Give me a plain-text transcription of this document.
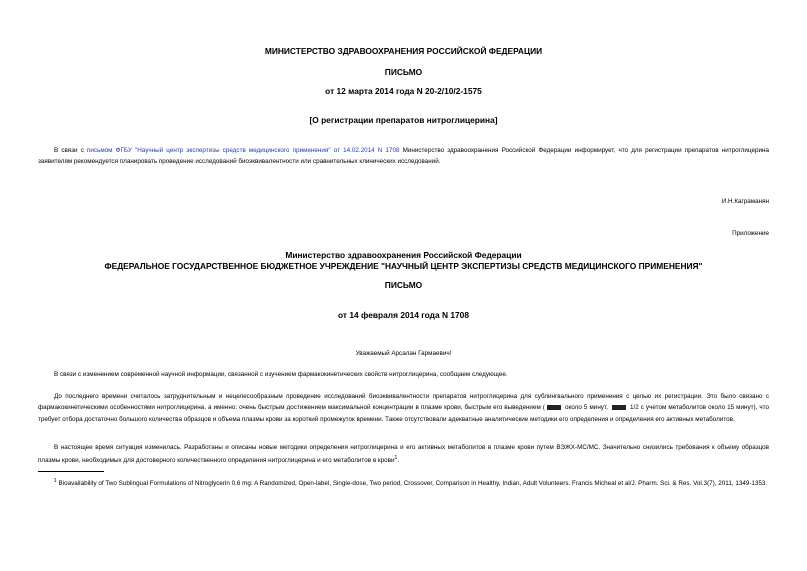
МИНИСТЕРСТВО ЗДРАВООХРАНЕНИЯ РОССИЙСКОЙ ФЕДЕРАЦИИ
ПИСЬМО
от 12 марта 2014 года N 20-2/10/2-1575
[О регистрации препаратов нитроглицерина]
В связи с письмом ФГБУ "Научный центр экспертизы средств медицинского применения" от 14.02.2014 N 1708 Министерство здравоохранения Российской Федерации информирует, что для регистрации препаратов нитроглицерина заявителям рекомендуется планировать проведение исследований биоэквивалентности или сравнительных клинических исследований.
И.Н.Каграманян
Приложение
Министерство здравоохранения Российской Федерации
ФЕДЕРАЛЬНОЕ ГОСУДАРСТВЕННОЕ БЮДЖЕТНОЕ УЧРЕЖДЕНИЕ "НАУЧНЫЙ ЦЕНТР ЭКСПЕРТИЗЫ СРЕДСТВ МЕДИЦИНСКОГО ПРИМЕНЕНИЯ"
ПИСЬМО
от 14 февраля 2014 года N 1708
Уважаемый Арсалан Гармаевич!
В связи с изменением современной научной информации, связанной с изучением фармакокинетических свойств нитроглицерина, сообщаем следующее.
До последнего времени считалось затруднительным и нецелесообразным проведение исследований биоэквивалентности препаратов нитроглицерина для сублингвального применения с целью их регистрации. Это было связано с фармакокинетическими особенностями нитроглицерина, а именно: очень быстрым достижением максимальной концентрации в плазме крови, быстрым его выведением (	около 5 минут,	1/2 с учетом метаболитов около 15 минут), что требует отбора достаточно большого количества образцов и объема плазмы крови за короткий промежуток времени. Также отсутствовали адекватные аналитические методики его определения и определения его активных метаболитов.
В настоящее время ситуация изменилась. Разработаны и описаны новые методики определения нитроглицерина и его активных метаболитов в плазме крови путем ВЭЖХ-МС/МС. Значительно снизились требования к объему образцов плазмы крови, необходимых для достоверного количественного определения нитроглицерина и его метаболитов в крови$^1$.
$^1$ Bioavailability of Two Sublingual Formulations of Nitroglycerin 0.6 mg: A Randomized, Open-label, Single-dose, Two period, Crossover, Comparison in Healthy, Indian, Adult Volunteers. Francis Micheal et al/J. Pharm. Sci. & Res. Vol.3(7), 2011, 1349-1353.
